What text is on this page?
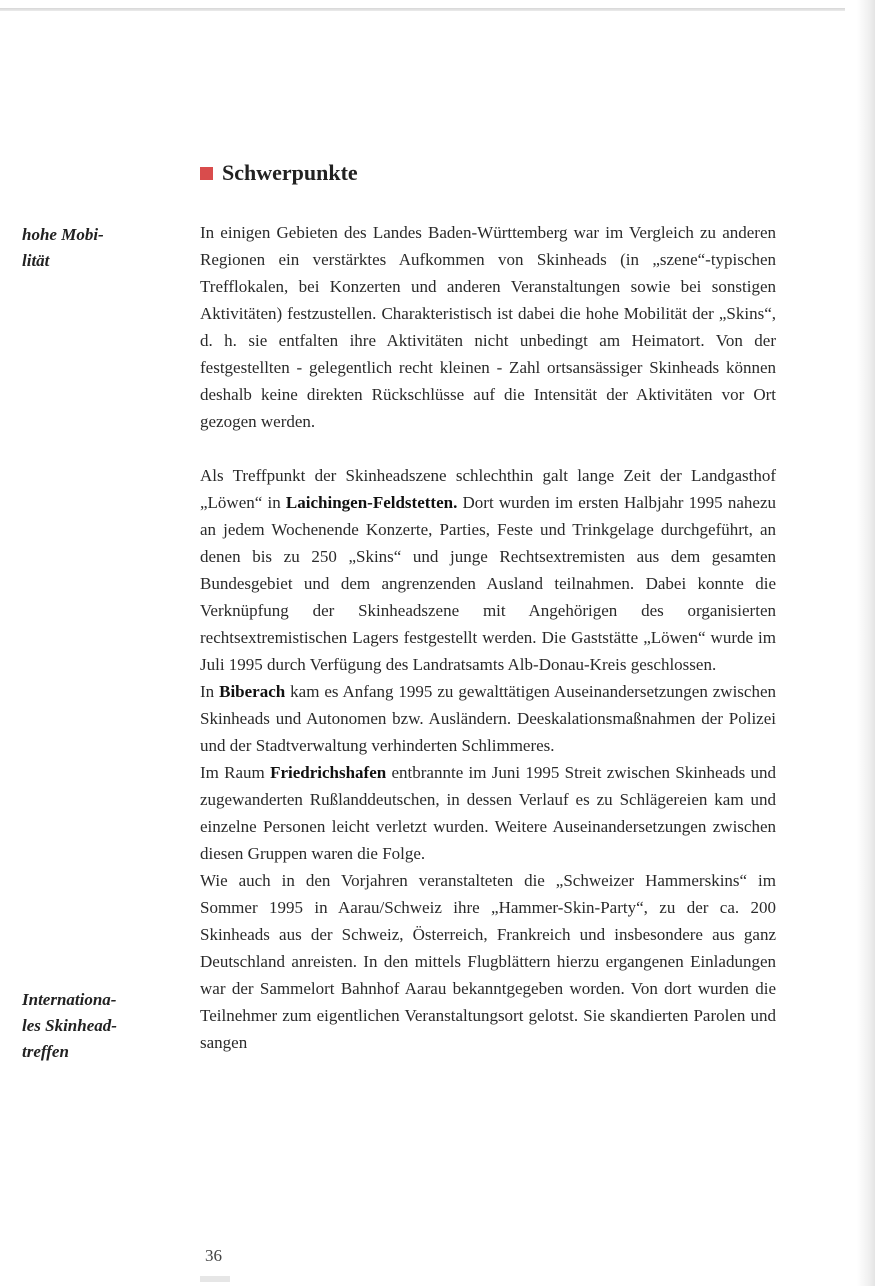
Schwerpunkte
hohe Mobi-
lität
Internationa-
les Skinhead-
treffen

In einigen Gebieten des Landes Baden-Württemberg war im Vergleich zu anderen Regionen ein verstärktes Aufkommen von Skinheads (in „szene“-typischen Trefflokalen, bei Konzerten und anderen Veranstaltungen sowie bei sonstigen Aktivitäten) festzustellen. Charakteristisch ist dabei die hohe Mobilität der „Skins“, d. h. sie entfalten ihre Aktivitäten nicht unbedingt am Heimatort. Von der festgestellten - gelegentlich recht kleinen - Zahl ortsansässiger Skinheads können deshalb keine direkten Rückschlüsse auf die Intensität der Aktivitäten vor Ort gezogen werden.

Als Treffpunkt der Skinheadszene schlechthin galt lange Zeit der Landgasthof „Löwen“ in Laichingen-Feldstetten. Dort wurden im ersten Halbjahr 1995 nahezu an jedem Wochenende Konzerte, Parties, Feste und Trinkgelage durchgeführt, an denen bis zu 250 „Skins“ und junge Rechtsextremisten aus dem gesamten Bundesgebiet und dem angrenzenden Ausland teilnahmen. Dabei konnte die Verknüpfung der Skinheadszene mit Angehörigen des organisierten rechtsextremistischen Lagers festgestellt werden. Die Gaststätte „Löwen“ wurde im Juli 1995 durch Verfügung des Landratsamts Alb-Donau-Kreis geschlossen.

In Biberach kam es Anfang 1995 zu gewalttätigen Auseinandersetzungen zwischen Skinheads und Autonomen bzw. Ausländern. Deeskalationsmaßnahmen der Polizei und der Stadtverwaltung verhinderten Schlimmeres.

Im Raum Friedrichshafen entbrannte im Juni 1995 Streit zwischen Skinheads und zugewanderten Rußlanddeutschen, in dessen Verlauf es zu Schlägereien kam und einzelne Personen leicht verletzt wurden. Weitere Auseinandersetzungen zwischen diesen Gruppen waren die Folge.

Wie auch in den Vorjahren veranstalteten die „Schweizer Hammerskins“ im Sommer 1995 in Aarau/Schweiz ihre „Hammer-Skin-Party“, zu der ca. 200 Skinheads aus der Schweiz, Österreich, Frankreich und insbesondere aus ganz Deutschland anreisten. In den mittels Flugblättern hierzu ergangenen Einladungen war der Sammelort Bahnhof Aarau bekanntgegeben worden. Von dort wurden die Teilnehmer zum eigentlichen Veranstaltungsort gelotst. Sie skandierten Parolen und sangen

36
